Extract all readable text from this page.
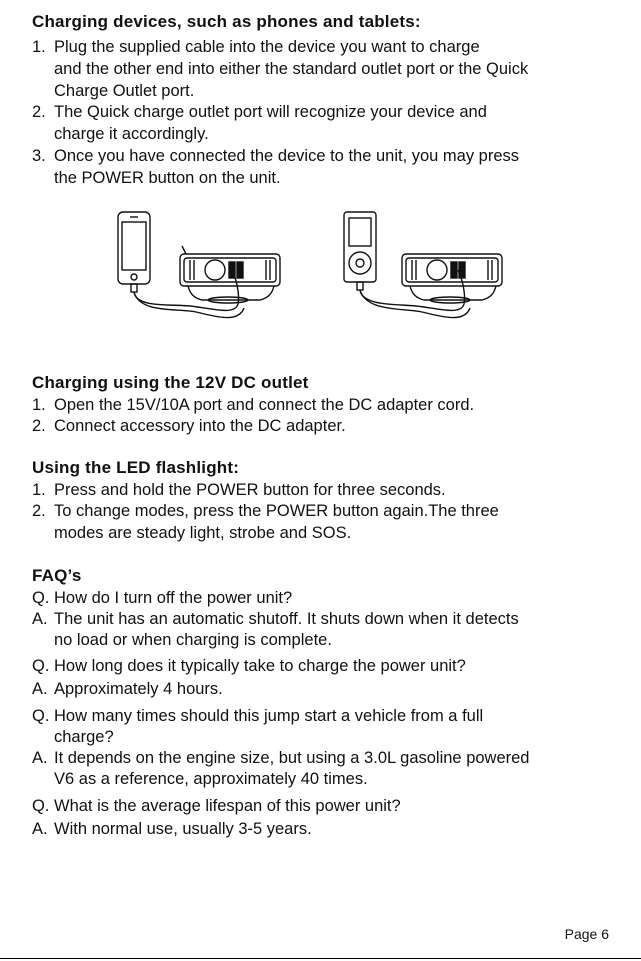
Charging devices, such as phones and tablets:
1. Plug the supplied cable into the device you want to charge
and the other end into either the standard outlet port or the Quick
Charge Outlet port.
2. The Quick charge outlet port will recognize your device and
charge it accordingly.
3. Once you have connected the device to the unit, you may press
the POWER button on the unit.
Charging using the 12V DC outlet
1. Open the 15V/10A port and connect the DC adapter cord.
2. Connect accessory into the DC adapter.
Using the LED flashlight:
1. Press and hold the POWER button for three seconds.
2. To change modes, press the POWER button again.The three
modes are steady light, strobe and SOS.
FAQ’s
Q. How do I turn off the power unit?
A. The unit has an automatic shutoff. It shuts down when it detects
no load or when charging is complete.
Q. How long does it typically take to charge the power unit?
A. Approximately 4 hours.
Q. How many times should this jump start a vehicle from a full
charge?
A. It depends on the engine size, but using a 3.0L gasoline powered
V6 as a reference, approximately 40 times.
Q. What is the average lifespan of this power unit?
A. With normal use, usually 3-5 years.
Page 6
